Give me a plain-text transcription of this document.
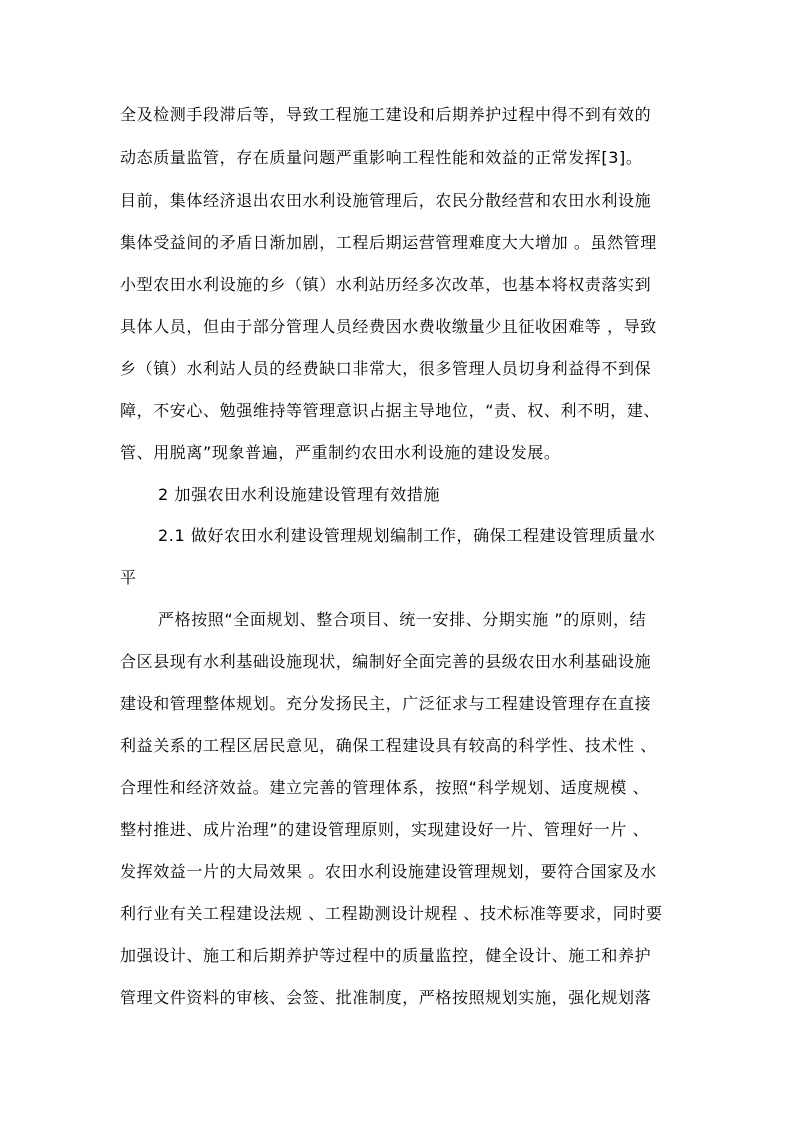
全及检测手段滞后等，导致工程施工建设和后期养护过程中得不到有效的
动态质量监管，存在质量问题严重影响工程性能和效益的正常发挥[3]。
目前，集体经济退出农田水利设施管理后，农民分散经营和农田水利设施
集体受益间的矛盾日渐加剧，工程后期运营管理难度大大增加 。虽然管理
小型农田水利设施的乡（镇）水利站历经多次改革，也基本将权责落实到
具体人员，但由于部分管理人员经费因水费收缴量少且征收困难等 ，导致
乡（镇）水利站人员的经费缺口非常大，很多管理人员切身利益得不到保
障，不安心、勉强维持等管理意识占据主导地位，“责、权、利不明，建、
管、用脱离”现象普遍，严重制约农田水利设施的建设发展。
2 加强农田水利设施建设管理有效措施
2.1 做好农田水利建设管理规划编制工作，确保工程建设管理质量水
平
严格按照“全面规划、整合项目、统一安排、分期实施 ”的原则，结
合区县现有水利基础设施现状，编制好全面完善的县级农田水利基础设施
建设和管理整体规划。充分发扬民主，广泛征求与工程建设管理存在直接
利益关系的工程区居民意见，确保工程建设具有较高的科学性、技术性 、
合理性和经济效益。建立完善的管理体系，按照“科学规划、适度规模 、
整村推进、成片治理”的建设管理原则，实现建设好一片、管理好一片 、
发挥效益一片的大局效果 。农田水利设施建设管理规划，要符合国家及水
利行业有关工程建设法规 、工程勘测设计规程 、技术标准等要求，同时要
加强设计、施工和后期养护等过程中的质量监控，健全设计、施工和养护
管理文件资料的审核、会签、批准制度，严格按照规划实施，强化规划落
